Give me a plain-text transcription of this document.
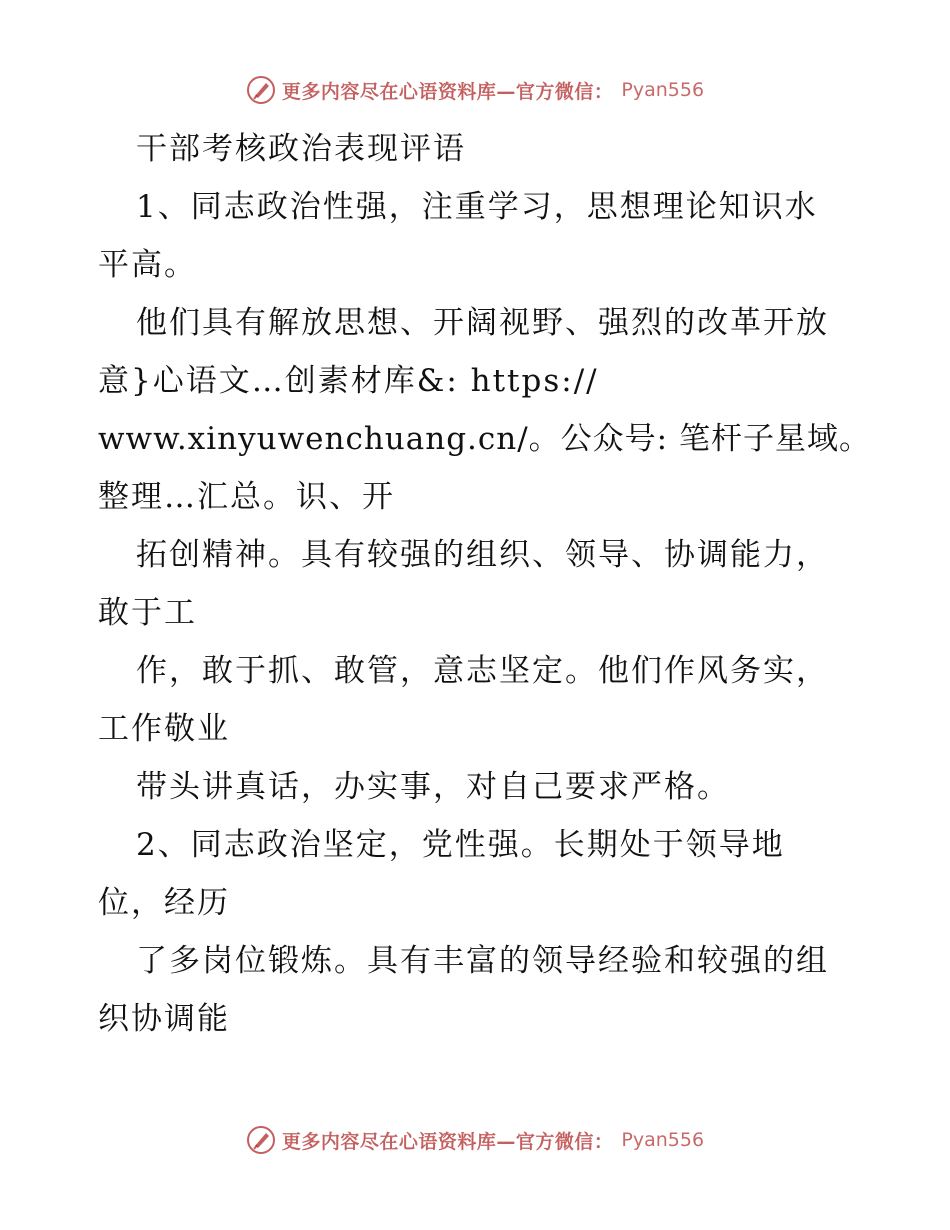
更多内容尽在心语资料库—官方微信： Pyan556
干部考核政治表现评语
1、同志政治性强，注重学习，思想理论知识水
平高。
他们具有解放思想、开阔视野、强烈的改革开放
意}心语文…创素材库&: https://
www.xinyuwenchuang.cn/。公众号: 笔杆子星域。
整理…汇总。识、开
拓创精神。具有较强的组织、领导、协调能力，
敢于工
作，敢于抓、敢管，意志坚定。他们作风务实，
工作敬业
带头讲真话，办实事，对自己要求严格。
2、同志政治坚定，党性强。长期处于领导地
位，经历
了多岗位锻炼。具有丰富的领导经验和较强的组
织协调能
更多内容尽在心语资料库—官方微信： Pyan556
